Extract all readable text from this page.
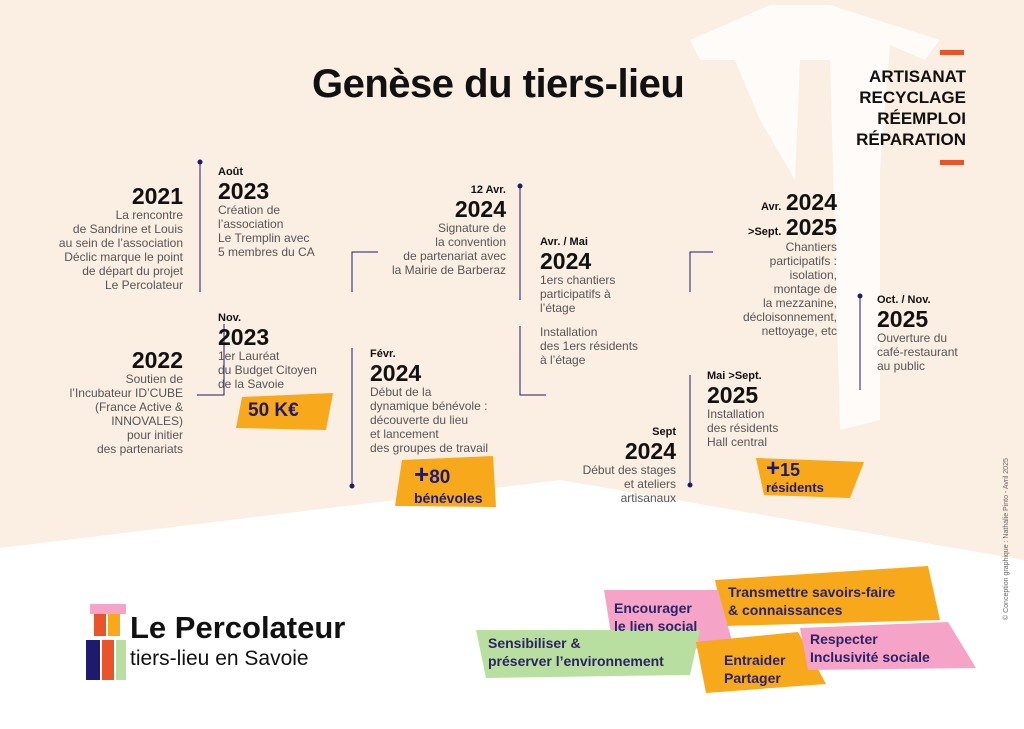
Genèse du tiers-lieu	ARTISANAT
RECYCLAGE
RÉEMPLOI
RÉPARATION
2021
La rencontre
de Sandrine et Louis
au sein de l’association
Déclic marque le point
de départ du projet
Le Percolateur
Août
2023
Création de
l’association
Le Tremplin avec
5 membres du CA
Nov.
2023
1er Lauréat
du Budget Citoyen
de la Savoie
2022
Soutien de
l’Incubateur ID’CUBE
(France Active &
INNOVALES)
pour initier
des partenariats
50 K€
12 Avr.
2024
Signature de
la convention
de partenariat avec
la Mairie de Barberaz
Févr.
2024
Début de la
dynamique bénévole :
découverte du lieu
et lancement
des groupes de travail
+80
bénévoles
Avr. / Mai
2024
1ers chantiers
participatifs à
l’étage
Installation
des 1ers résidents
à l’étage
Sept
2024
Début des stages
et ateliers
artisanaux
Avr. 2024
>Sept. 2025
Chantiers
participatifs :
isolation,
montage de
la mezzanine,
décloisonnement,
nettoyage, etc
Mai >Sept.
2025
Installation
des résidents
Hall central
+15
résidents
Oct. / Nov.
2025
Ouverture du
café-restaurant
au public
Transmettre savoirs-faire
& connaissances
Encourager
le lien social
Sensibiliser &
préserver l’environnement	Entraider
Partager
Respecter
Inclusivité sociale
Le Percolateur
tiers-lieu en Savoie
© Conception graphique : Nathalie Pinto - Avril 2025
